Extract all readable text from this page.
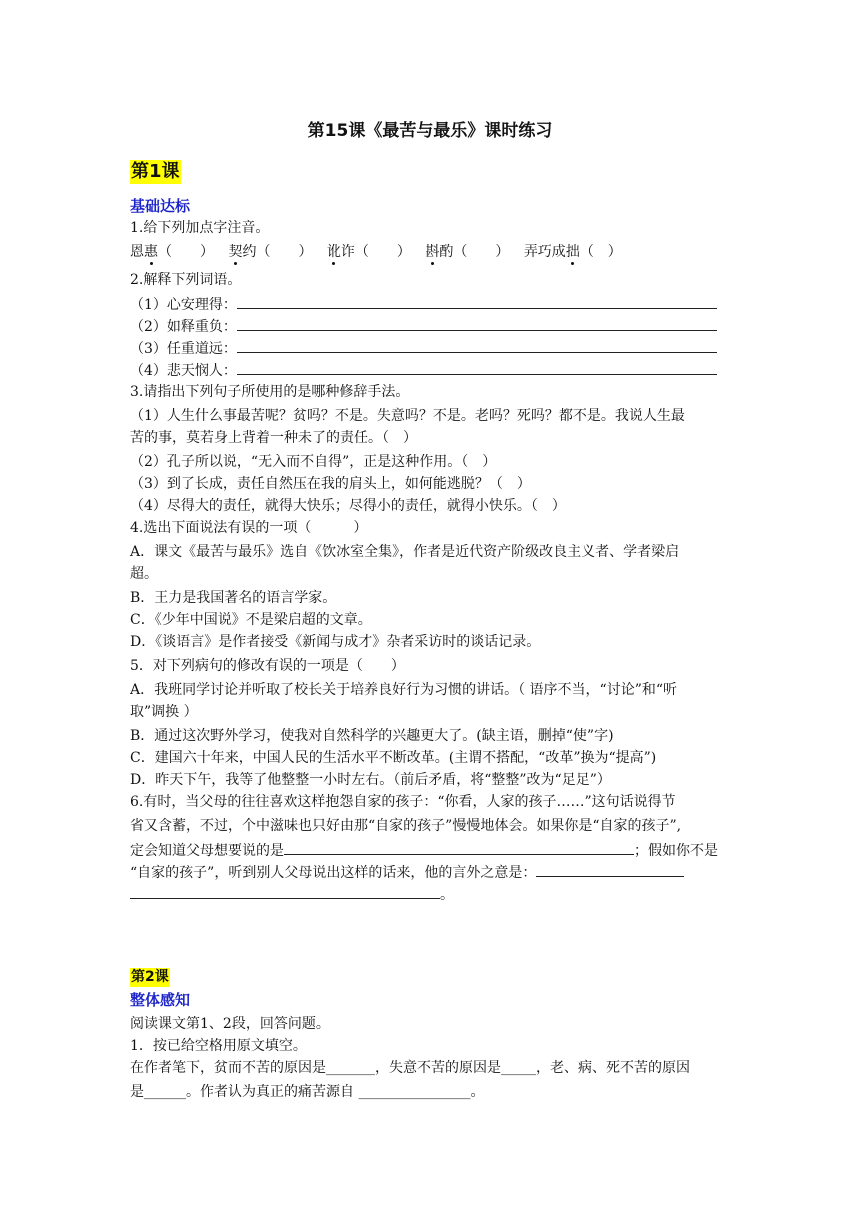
第15课《最苦与最乐》课时练习
第1课
基础达标
1.给下列加点字注音。
恩惠（　　） 契约（　　） 讹诈（　　） 斟酌（　　） 弄巧成拙（　）
2.解释下列词语。
（1）心安理得：
（2）如释重负：
（3）任重道远：
（4）悲天悯人：
3.请指出下列句子所使用的是哪种修辞手法。
（1）人生什么事最苦呢？贫吗？不是。失意吗？不是。老吗？死吗？都不是。我说人生最
苦的事，莫若身上背着一种未了的责任。（　）
（2）孔子所以说，“无入而不自得”，正是这种作用。（　）
（3）到了长成，责任自然压在我的肩头上，如何能逃脱？（　）
（4）尽得大的责任，就得大快乐；尽得小的责任，就得小快乐。（　）
4.选出下面说法有误的一项（　　　）
A．课文《最苦与最乐》选自《饮冰室全集》，作者是近代资产阶级改良主义者、学者梁启
超。
B．王力是我国著名的语言学家。
C．《少年中国说》不是梁启超的文章。
D．《谈语言》是作者接受《新闻与成才》杂者采访时的谈话记录。
5．对下列病句的修改有误的一项是（　　）
A．我班同学讨论并听取了校长关于培养良好行为习惯的讲话。（ 语序不当，“讨论”和“听
取”调换 ）
B．通过这次野外学习，使我对自然科学的兴趣更大了。(缺主语，删掉“使”字)
C．建国六十年来，中国人民的生活水平不断改革。(主谓不搭配，“改革”换为“提高”)
D．昨天下午，我等了他整整一小时左右。（前后矛盾，将“整整”改为“足足”）
6.有时，当父母的往往喜欢这样抱怨自家的孩子：“你看，人家的孩子……”这句话说得节
省又含蓄，不过，个中滋味也只好由那“自家的孩子”慢慢地体会。如果你是“自家的孩子”,
定会知道父母想要说的是	；假如你不是
“自家的孩子”，听到别人父母说出这样的话来，他的言外之意是：
。
第2课
整体感知
阅读课文第1、2段，回答问题。
1．按已给空格用原文填空。
在作者笔下，贫而不苦的原因是_______，失意不苦的原因是_____，老、病、死不苦的原因
是______。作者认为真正的痛苦源自 ________________。
